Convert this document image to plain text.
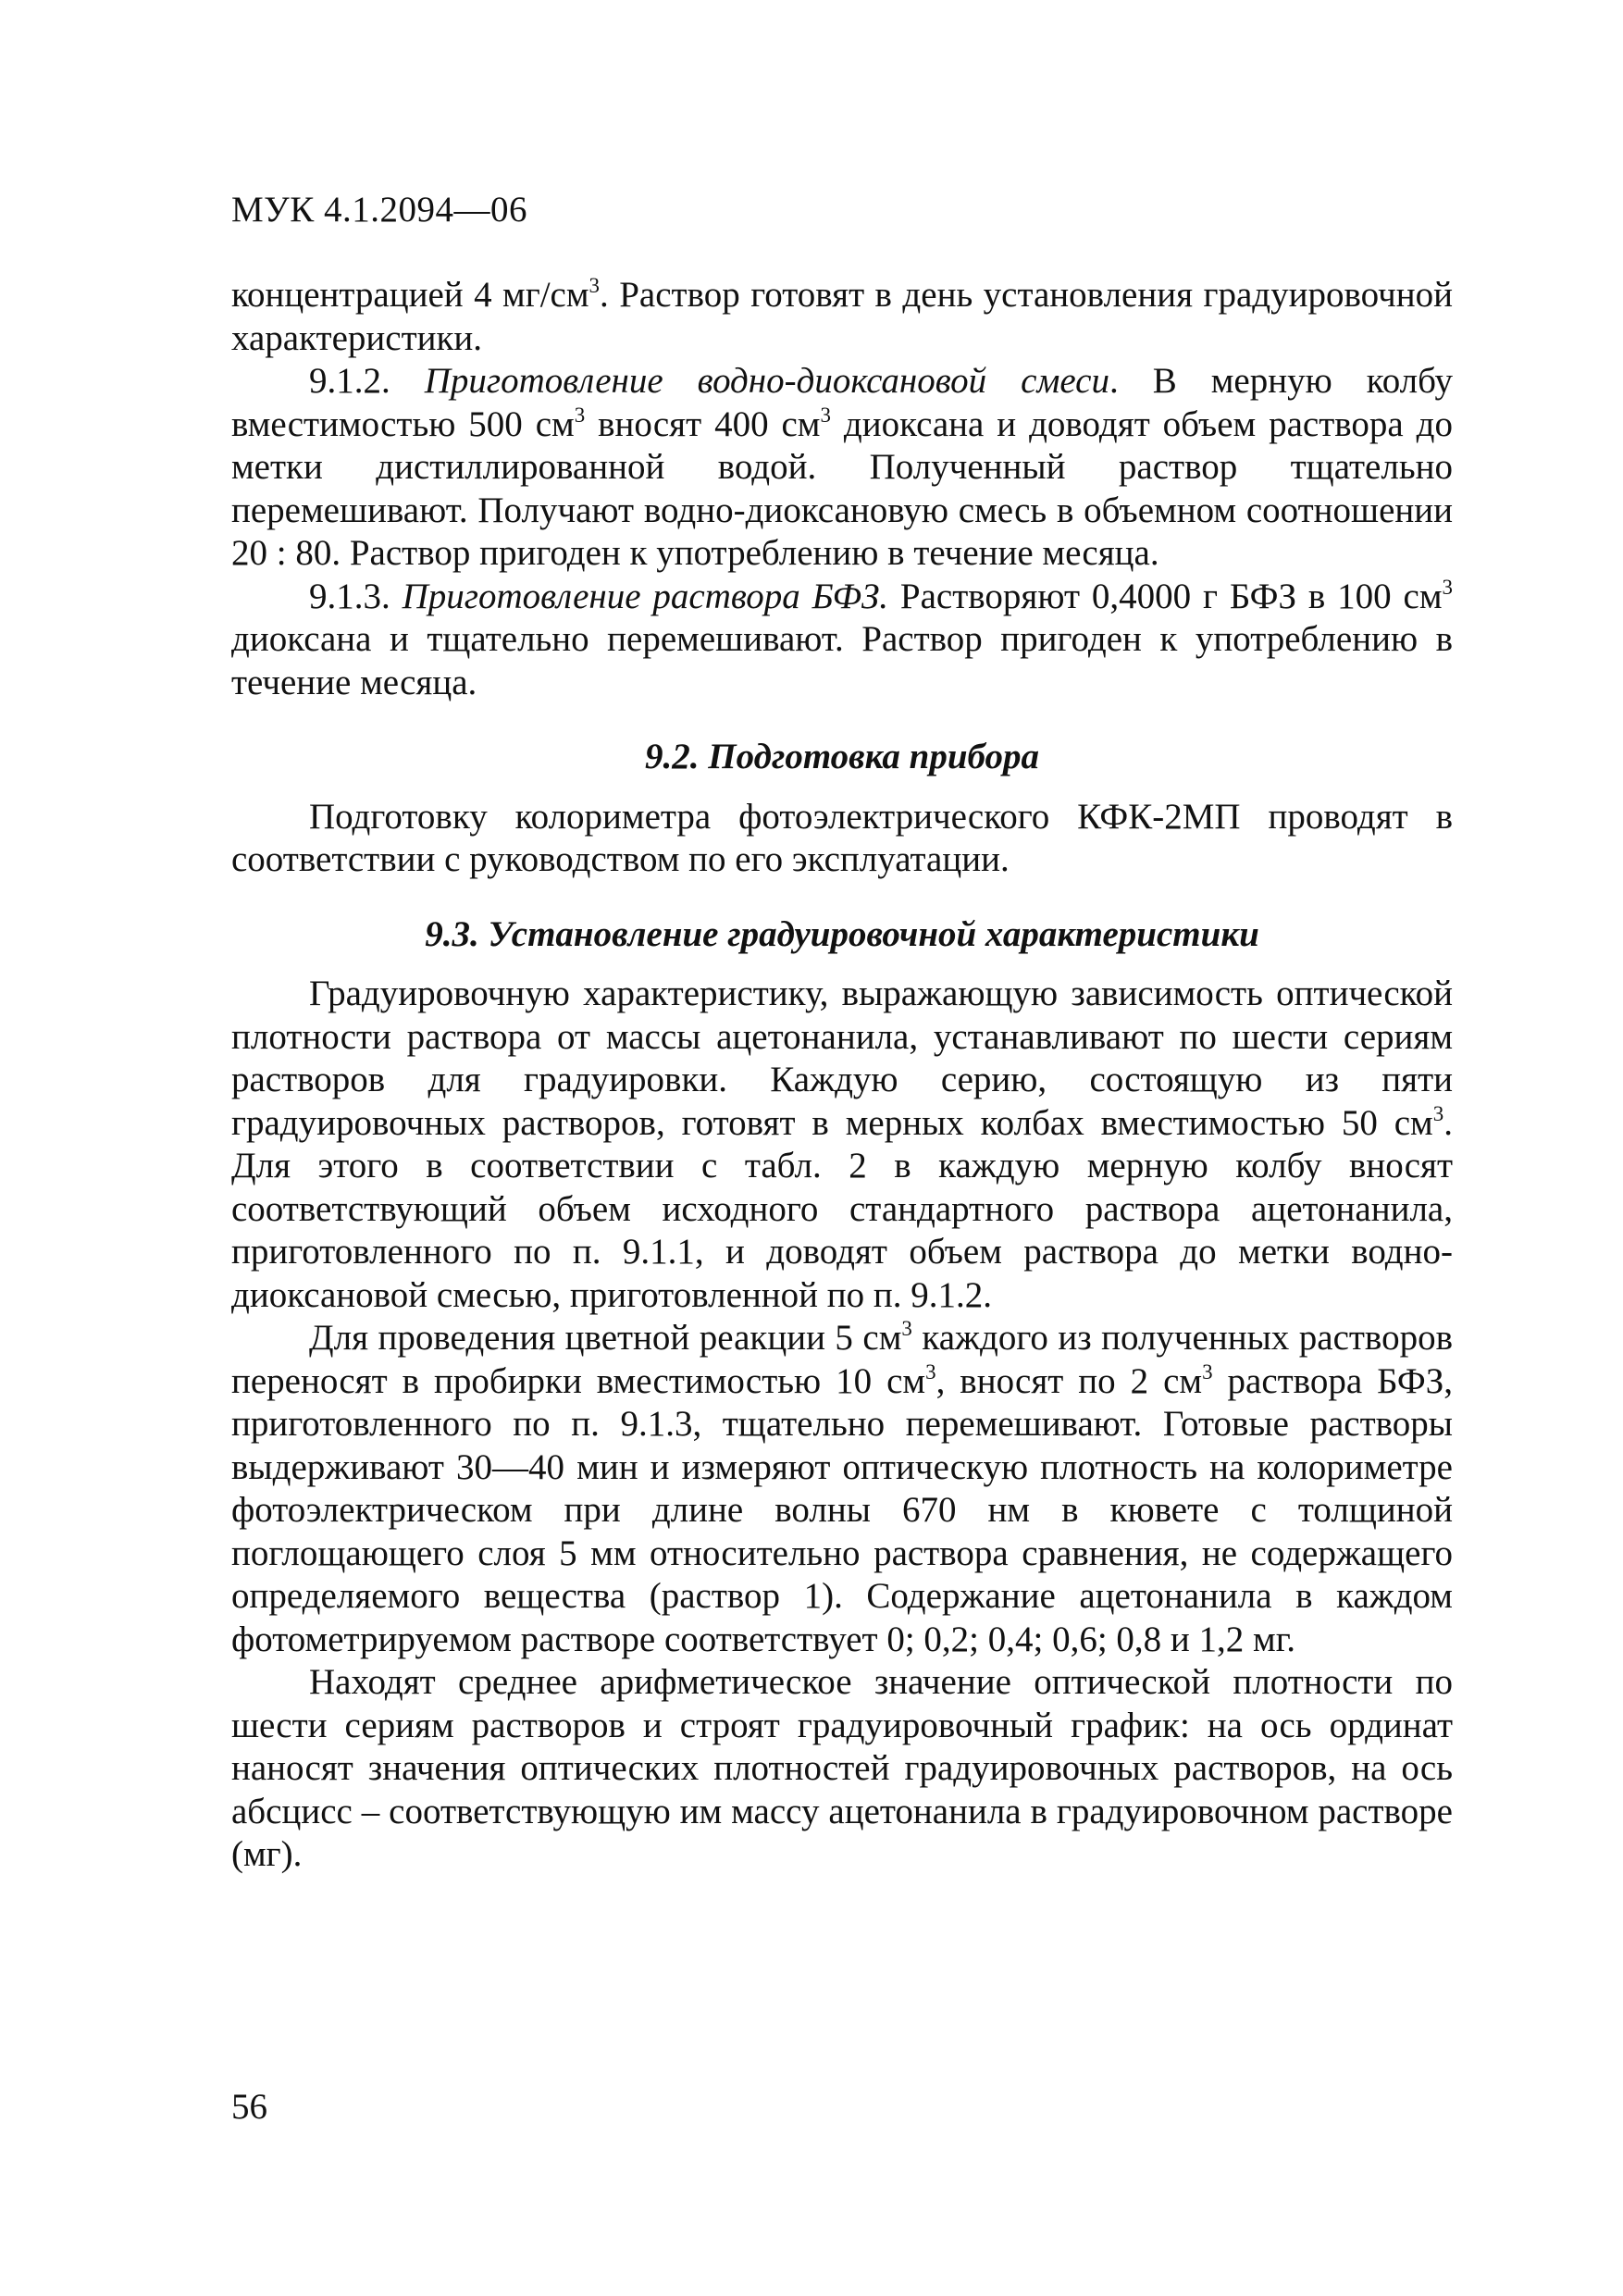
МУК 4.1.2094—06

концентрацией 4 $мг/см^3$. Раствор готовят в день установления градуировочной характеристики.

9.1.2. Приготовление водно-диоксановой смеси. В мерную колбу вместимостью 500 $см^3$ вносят 400 $см^3$ диоксана и доводят объем раствора до метки дистиллированной водой. Полученный раствор тщательно перемешивают. Получают водно-диоксановую смесь в объемном соотношении 20 : 80. Раствор пригоден к употреблению в течение месяца.

9.1.3. Приготовление раствора БФЗ. Растворяют 0,4000 г БФЗ в 100 $см^3$ диоксана и тщательно перемешивают. Раствор пригоден к употреблению в течение месяца.

9.2. Подготовка прибора

Подготовку колориметра фотоэлектрического КФК-2МП проводят в соответствии с руководством по его эксплуатации.

9.3. Установление градуировочной характеристики

Градуировочную характеристику, выражающую зависимость оптической плотности раствора от массы ацетонанила, устанавливают по шести сериям растворов для градуировки. Каждую серию, состоящую из пяти градуировочных растворов, готовят в мерных колбах вместимостью 50 $см^3$. Для этого в соответствии с табл. 2 в каждую мерную колбу вносят соответствующий объем исходного стандартного раствора ацетонанила, приготовленного по п. 9.1.1, и доводят объем раствора до метки водно-диоксановой смесью, приготовленной по п. 9.1.2.

Для проведения цветной реакции 5 $см^3$ каждого из полученных растворов переносят в пробирки вместимостью 10 $см^3$, вносят по 2 $см^3$ раствора БФЗ, приготовленного по п. 9.1.3, тщательно перемешивают. Готовые растворы выдерживают 30—40 мин и измеряют оптическую плотность на колориметре фотоэлектрическом при длине волны 670 нм в кювете с толщиной поглощающего слоя 5 мм относительно раствора сравнения, не содержащего определяемого вещества (раствор 1). Содержание ацетонанила в каждом фотометрируемом растворе соответствует 0; 0,2; 0,4; 0,6; 0,8 и 1,2 мг.

Находят среднее арифметическое значение оптической плотности по шести сериям растворов и строят градуировочный график: на ось ординат наносят значения оптических плотностей градуировочных растворов, на ось абсцисс – соответствующую им массу ацетонанила в градуировочном растворе (мг).

56
